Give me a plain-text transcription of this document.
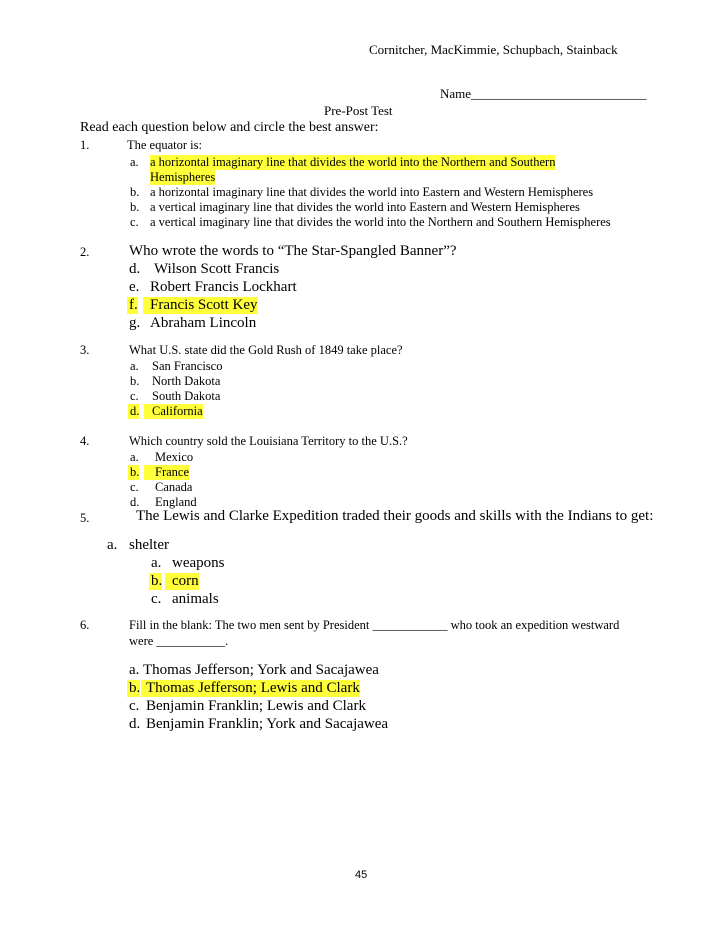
Cornitcher, MacKimmie, Schupbach, Stainback
Name___________________________
Pre-Post Test
Read each question below and circle the best answer:
1.	The equator is:
a. a horizontal imaginary line that divides the world into the Northern and Southern
Hemispheres
b. a horizontal imaginary line that divides the world into Eastern and Western Hemispheres
b. a vertical imaginary line that divides the world into Eastern and Western Hemispheres
c. a vertical imaginary line that divides the world into the Northern and Southern Hemispheres
2.	Who wrote the words to “The Star-Spangled Banner”?
d. Wilson Scott Francis
e. Robert Francis Lockhart
f. Francis Scott Key
g. Abraham Lincoln
3.	What U.S. state did the Gold Rush of 1849 take place?
a. San Francisco
b. North Dakota
c. South Dakota
d.	California
4.	Which country sold the Louisiana Territory to the U.S.?
a. Mexico
b.	France
c. Canada
d. England
5.	The Lewis and Clarke Expedition traded their goods and skills with the Indians to get:
a. shelter
a. weapons
b. corn
c. animals
6.	Fill in the blank: The two men sent by President ____________ who took an expedition westward
were ___________.
a. Thomas Jefferson; York and Sacajawea
b. Thomas Jefferson; Lewis and Clark
c. Benjamin Franklin; Lewis and Clark
d. Benjamin Franklin; York and Sacajawea
45
